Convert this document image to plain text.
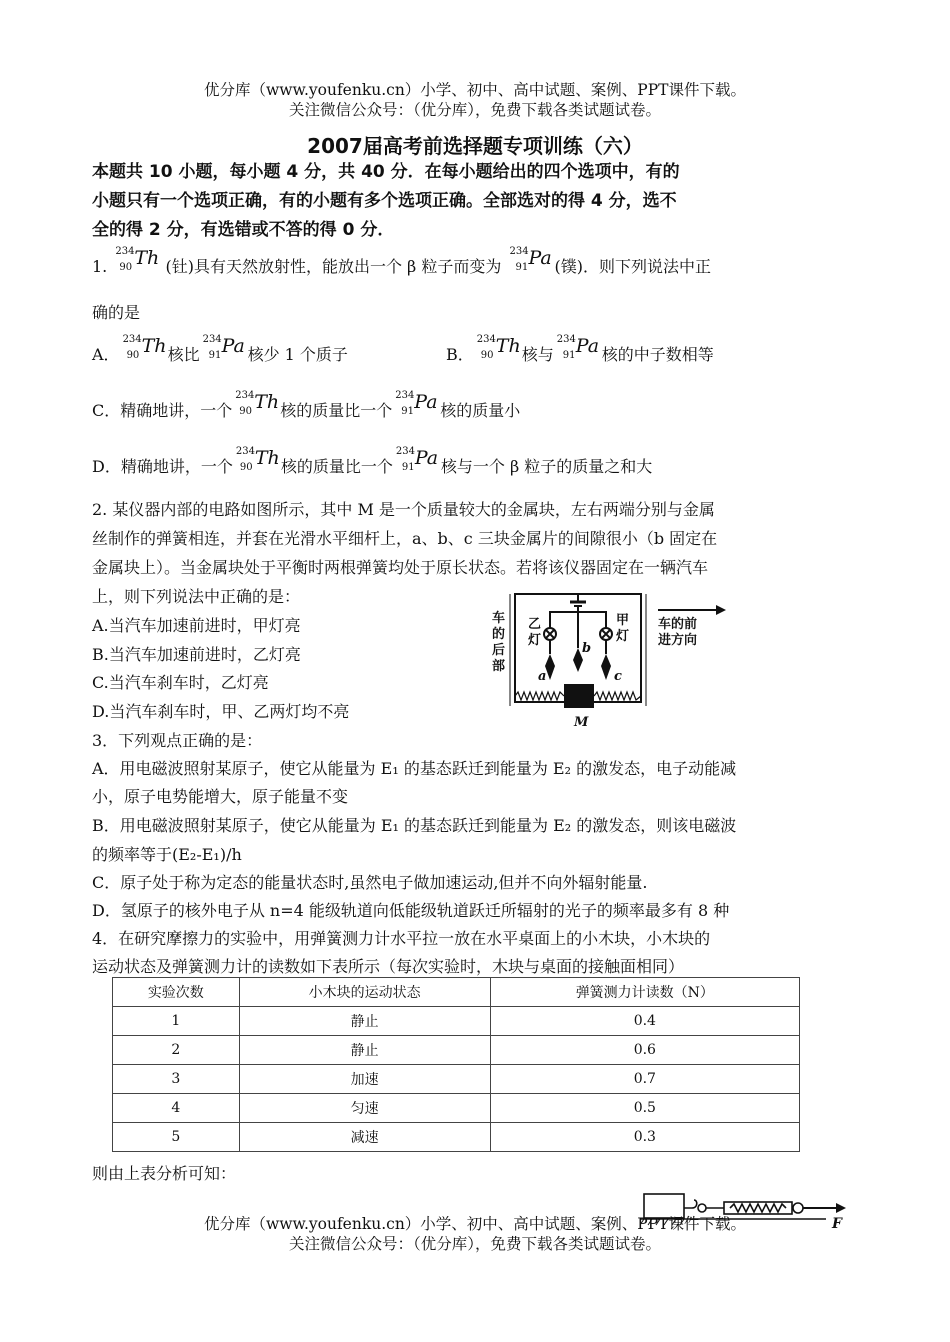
优分库（www.youfenku.cn）小学、初中、高中试题、案例、PPT课件下载。
关注微信公众号：（优分库），免费下载各类试题试卷。
2007届高考前选择题专项训练（六）
本题共 10 小题，每小题 4 分，共 40 分．在每小题给出的四个选项中，有的
小题只有一个选项正确，有的小题有多个选项正确。全部选对的得 4 分，选不
全的得 2 分，有选错或不答的得 0 分．
1.
234
90 Th (钍)具有天然放射性，能放出一个 β 粒子而变为
234
91 Pa (镤)．则下列说法中正
确的是
A．
234
90 Th 核比
234
91 Pa 核少 1 个质子	B．
234
90 Th 核与
234
91 Pa 核的中子数相等
C．精确地讲，一个
234
90 Th 核的质量比一个
234
91 Pa 核的质量小
D．精确地讲，一个
234
90 Th 核的质量比一个
234
91 Pa 核与一个 β 粒子的质量之和大
2. 某仪器内部的电路如图所示，其中 M 是一个质量较大的金属块，左右两端分别与金属
丝制作的弹簧相连，并套在光滑水平细杆上，a、b、c 三块金属片的间隙很小（b 固定在
金属块上）。当金属块处于平衡时两根弹簧均处于原长状态。若将该仪器固定在一辆汽车
上，则下列说法中正确的是：
A.当汽车加速前进时，甲灯亮
B.当汽车加速前进时，乙灯亮
C.当汽车刹车时，乙灯亮
D.当汽车刹车时，甲、乙两灯均不亮
车
的
后
部
乙
灯
甲
灯
车的前
进方向
a
b
c
M
3．下列观点正确的是：
A．用电磁波照射某原子，使它从能量为 E₁ 的基态跃迁到能量为 E₂ 的激发态，电子动能减
小，原子电势能增大，原子能量不变
B．用电磁波照射某原子，使它从能量为 E₁ 的基态跃迁到能量为 E₂ 的激发态，则该电磁波
的频率等于(E₂-E₁)/h
C．原子处于称为定态的能量状态时,虽然电子做加速运动,但并不向外辐射能量.
D．氢原子的核外电子从 n=4 能级轨道向低能级轨道跃迁所辐射的光子的频率最多有 8 种
4．在研究摩擦力的实验中，用弹簧测力计水平拉一放在水平桌面上的小木块，小木块的
运动状态及弹簧测力计的读数如下表所示（每次实验时，木块与桌面的接触面相同）
实验次数	小木块的运动状态	弹簧测力计读数（N）
1	静止	0.4
2	静止	0.6
3	加速	0.7
4	匀速	0.5
5	减速	0.3
则由上表分析可知：
F
优分库（www.youfenku.cn）小学、初中、高中试题、案例、PPT课件下载。
关注微信公众号：（优分库），免费下载各类试题试卷。
